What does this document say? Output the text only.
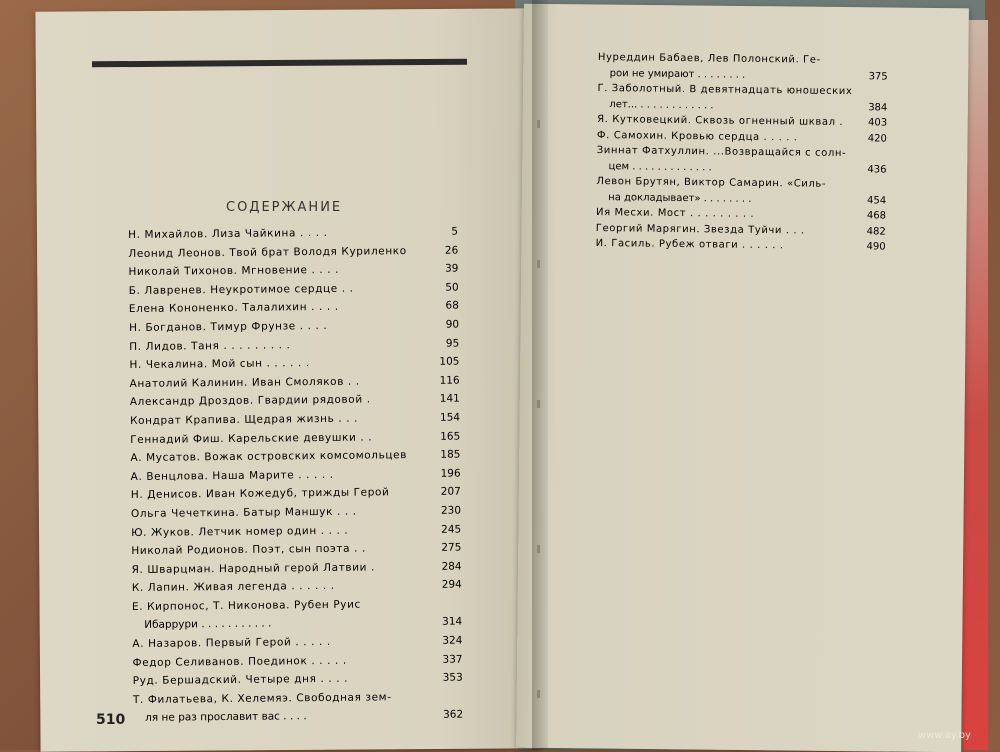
СОДЕРЖАНИЕ
Н. Михайлов. Лиза Чайкина . . . .	5
Леонид Леонов. Твой брат Володя Куриленко	26
Николай Тихонов. Мгновение . . . .	39
Б. Лавренев. Неукротимое сердце . .	50
Елена Кононенко. Талалихин . . . .	68
Н. Богданов. Тимур Фрунзе . . . .	90
П. Лидов. Таня . . . . . . . . .	95
Н. Чекалина. Мой сын . . . . . .	105
Анатолий Калинин. Иван Смоляков . .	116
Александр Дроздов. Гвардии рядовой .	141
Кондрат Крапива. Щедрая жизнь . . .	154
Геннадий Фиш. Карельские девушки . .	165
А. Мусатов. Вожак островских комсомольцев	185
А. Венцлова. Наша Марите . . . . .	196
Н. Денисов. Иван Кожедуб, трижды Герой	207
Ольга Чечеткина. Батыр Маншук . . .	230
Ю. Жуков. Летчик номер один . . . .	245
Николай Родионов. Поэт, сын поэта . .	275
Я. Шварцман. Народный герой Латвии .	284
К. Лапин. Живая легенда . . . . . .	294
Е. Кирпонос, Т. Никонова. Рубен Руис
Ибаррури . . . . . . . . . . .	314
А. Назаров. Первый Герой . . . . .	324
Федор Селиванов. Поединок . . . . .	337
Руд. Бершадский. Четыре дня . . . .	353
Т. Филатьева, К. Хелемяэ. Свободная зем-
ля не раз прославит вас . . . .	362
Нуреддин Бабаев, Лев Полонский. Ге-
рои не умирают . . . . . . . .	375
Г. Заболотный. В девятнадцать юношеских
лет... . . . . . . . . . . . .	384
Я. Кутковецкий. Сквозь огненный шквал . 403
Ф. Самохин. Кровью сердца . . . . .	420
Зиннат Фатхуллин. ...Возвращайся с солн-
цем . . . . . . . . . . . . .	436
Левон Брутян, Виктор Самарин. «Силь-
на докладывает» . . . . . . . .	454
Ия Месхи. Мост . . . . . . . . .	468
Георгий Марягин. Звезда Туйчи . . .	482
И. Гасиль. Рубеж отваги . . . . . .	490
510
www.ay.by
